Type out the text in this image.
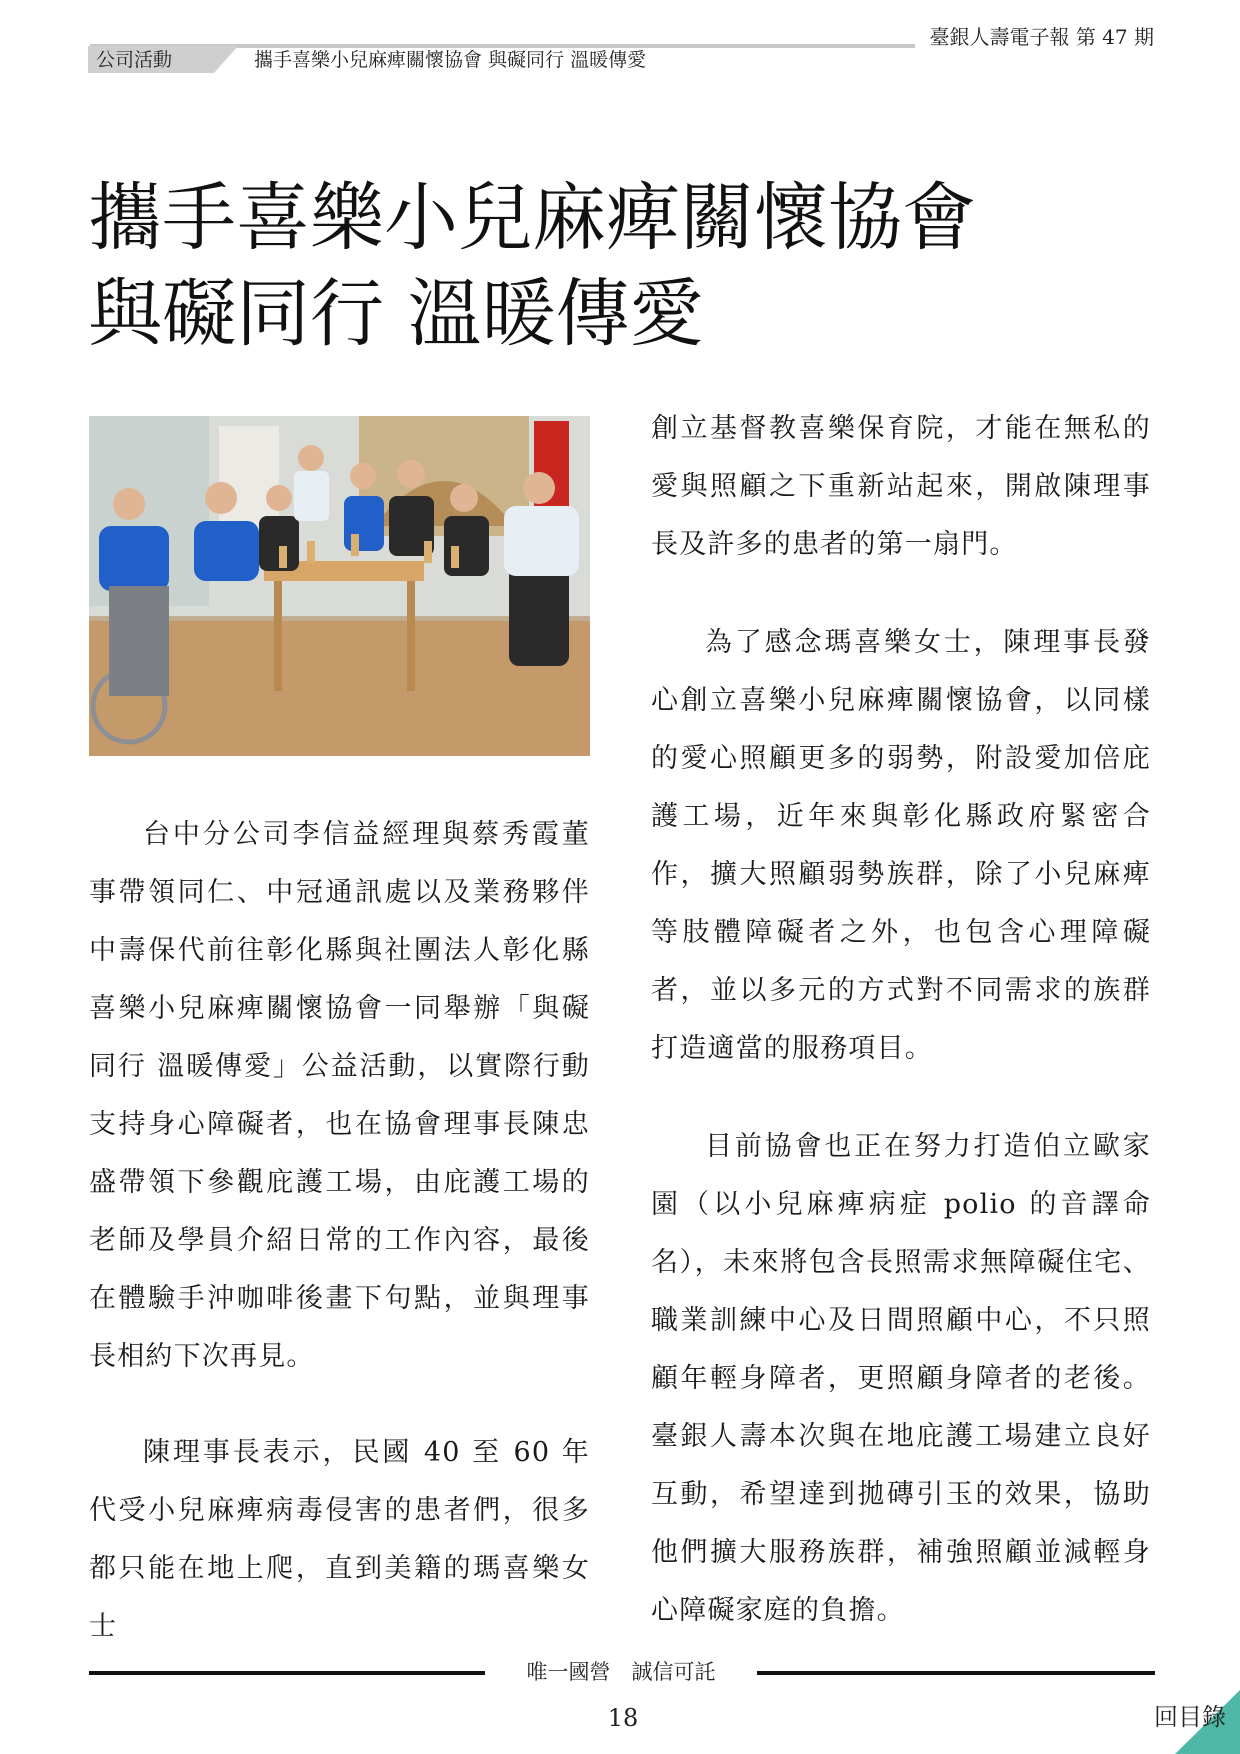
公司活動	攜手喜樂小兒麻痺關懷協會 與礙同行 溫暖傳愛
臺銀人壽電子報 第 47 期
攜手喜樂小兒麻痺關懷協會
與礙同行 溫暖傳愛

台中分公司李信益經理與蔡秀霞董事帶領同仁、中冠通訊處以及業務夥伴中壽保代前往彰化縣與社團法人彰化縣喜樂小兒麻痺關懷協會一同舉辦「與礙同行 溫暖傳愛」公益活動，以實際行動支持身心障礙者，也在協會理事長陳忠盛帶領下參觀庇護工場，由庇護工場的老師及學員介紹日常的工作內容，最後在體驗手沖咖啡後畫下句點，並與理事長相約下次再見。

陳理事長表示，民國 40 至 60 年代受小兒麻痺病毒侵害的患者們，很多都只能在地上爬，直到美籍的瑪喜樂女士

創立基督教喜樂保育院，才能在無私的愛與照顧之下重新站起來，開啟陳理事長及許多的患者的第一扇門。

為了感念瑪喜樂女士，陳理事長發心創立喜樂小兒麻痺關懷協會，以同樣的愛心照顧更多的弱勢，附設愛加倍庇護工場，近年來與彰化縣政府緊密合作，擴大照顧弱勢族群，除了小兒麻痺等肢體障礙者之外，也包含心理障礙者，並以多元的方式對不同需求的族群打造適當的服務項目。

目前協會也正在努力打造伯立歐家園（以小兒麻痺病症 polio 的音譯命名），未來將包含長照需求無障礙住宅、職業訓練中心及日間照顧中心，不只照顧年輕身障者，更照顧身障者的老後。臺銀人壽本次與在地庇護工場建立良好互動，希望達到拋磚引玉的效果，協助他們擴大服務族群，補強照顧並減輕身心障礙家庭的負擔。

唯一國營　誠信可託
18	回目錄
